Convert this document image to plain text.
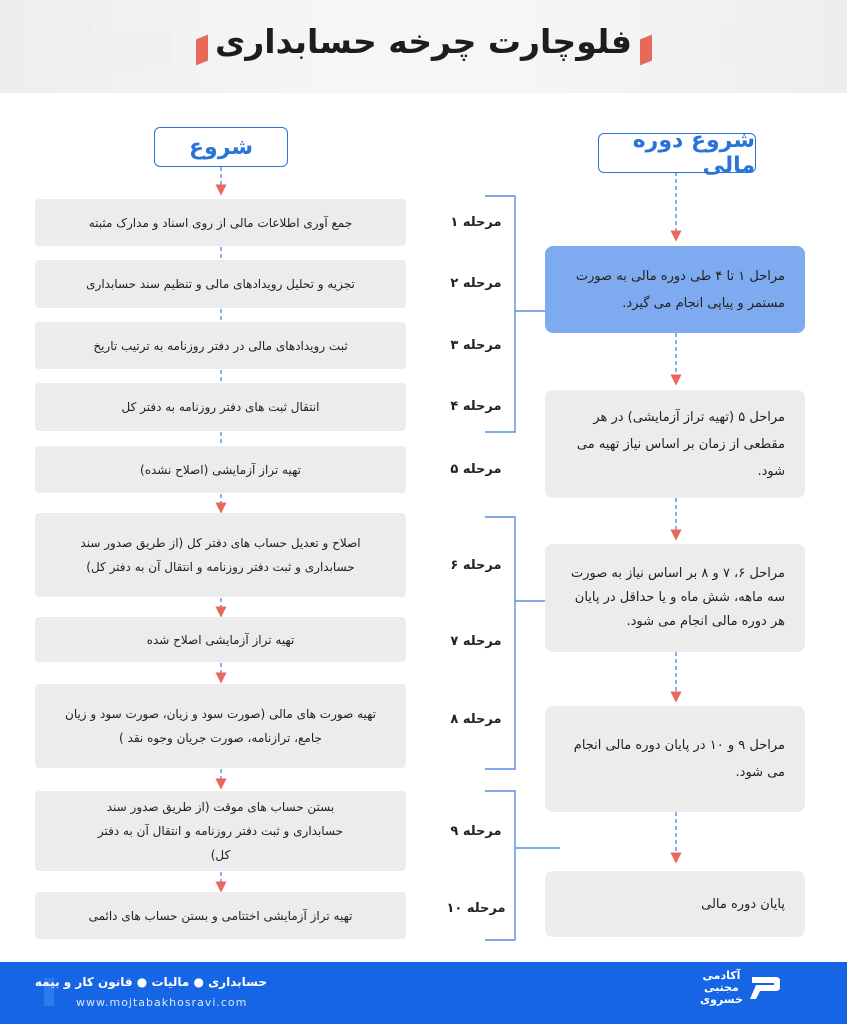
فلوچارت چرخه حسابداری

آکادمی
مجتبی
خسروی
شروع	شروع دوره مالی
جمع آوری اطلاعات مالی از روی اسناد و مدارک مثبته
تجزیه و تحلیل رویدادهای مالی و تنظیم سند حسابداری
ثبت رویدادهای مالی در دفتر روزنامه به ترتیب تاریخ
انتقال ثبت های دفتر روزنامه به دفتر کل
تهیه تراز آزمایشی (اصلاح نشده)
اصلاح و تعدیل حساب های دفتر کل (از طریق صدور سند حسابداری و ثبت دفتر روزنامه و انتقال آن به دفتر کل)
تهیه تراز آزمایشی اصلاح شده
تهیه صورت های مالی (صورت سود و زیان، صورت سود و زیان جامع، ترازنامه، صورت جریان وجوه نقد )
بستن حساب های موقت (از طریق صدور سند حسابداری و ثبت دفتر روزنامه و انتقال آن به دفتر کل)
تهیه تراز آزمایشی اختتامی و بستن حساب های دائمی
مرحله ۱
مرحله ۲
مرحله ۳
مرحله ۴
مرحله ۵
مرحله ۶
مرحله ۷
مرحله ۸
مرحله ۹
مرحله ۱۰
مراحل ۱ تا ۴ طی دوره مالی به صورت مستمر و پیاپی انجام می گیرد.
مراحل ۵ (تهیه تراز آزمایشی) در هر مقطعی از زمان بر اساس نیاز تهیه می شود.
مراحل ۶، ۷ و ۸ بر اساس نیاز به صورت سه ماهه، شش ماه و یا حداقل در پایان هر دوره مالی انجام می شود.
مراحل ۹ و ۱۰ در پایان دوره مالی انجام می شود.
پایان دوره مالی
حسابداری ● مالیات ● قانون کار و بیمه
www.mojtabakhosravi.com
آکادمی
مجتبی
خسروی
